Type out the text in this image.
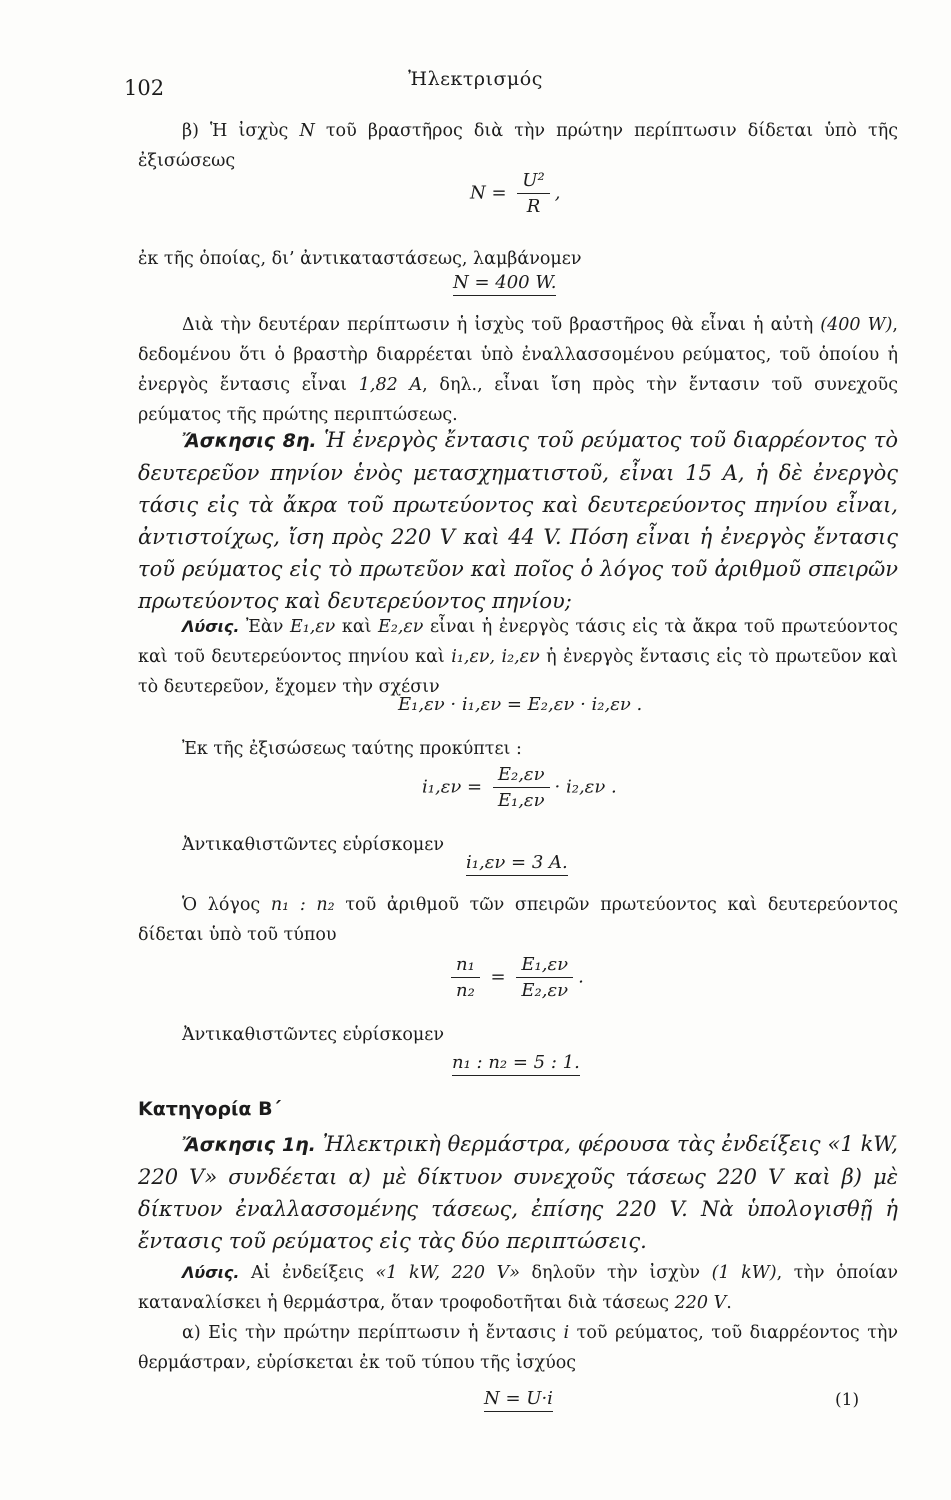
102	Ἠλεκτρισμός
β) Ἡ ἰσχὺς N τοῦ βραστῆρος διὰ τὴν πρώτην περίπτωσιν δίδεται ὑπὸ τῆς ἐξισώσεως
$N = \frac{\text{U²}}{R}$ ,
ἐκ τῆς ὁποίας, δι’ ἀντικαταστάσεως, λαμβάνομεν
N = 400 W.
Διὰ τὴν δευτέραν περίπτωσιν ἡ ἰσχὺς τοῦ βραστῆρος θὰ εἶναι ἡ αὐτὴ (400 W), δεδομένου ὅτι ὁ βραστὴρ διαρρέεται ὑπὸ ἐναλλασσομένου ρεύματος, τοῦ ὁποίου ἡ ἐνεργὸς ἔντασις εἶναι 1,82 A, δηλ., εἶναι ἴση πρὸς τὴν ἔντασιν τοῦ συνεχοῦς ρεύματος τῆς πρώτης περιπτώσεως.
Ἄσκησις 8η. Ἡ ἐνεργὸς ἔντασις τοῦ ρεύματος τοῦ διαρρέοντος τὸ δευτερεῦον πηνίον ἑνὸς μετασχηματιστοῦ, εἶναι 15 A, ἡ δὲ ἐνεργὸς τάσις εἰς τὰ ἄκρα τοῦ πρωτεύοντος καὶ δευτερεύοντος πηνίου εἶναι, ἀντιστοίχως, ἴση πρὸς 220 V καὶ 44 V. Πόση εἶναι ἡ ἐνεργὸς ἔντασις τοῦ ρεύματος εἰς τὸ πρωτεῦον καὶ ποῖος ὁ λόγος τοῦ ἀριθμοῦ σπειρῶν πρωτεύοντος καὶ δευτερεύοντος πηνίου;
Λύσις. Ἐὰν E₁,εν καὶ E₂,εν εἶναι ἡ ἐνεργὸς τάσις εἰς τὰ ἄκρα τοῦ πρωτεύοντος καὶ τοῦ δευτερεύοντος πηνίου καὶ i₁,εν, i₂,εν ἡ ἐνεργὸς ἔντασις εἰς τὸ πρωτεῦον καὶ τὸ δευτερεῦον, ἔχομεν τὴν σχέσιν
E₁,εν · i₁,εν = E₂,εν · i₂,εν .
Ἐκ τῆς ἐξισώσεως ταύτης προκύπτει :
$i_1,\varepsilon\nu = \frac{\text{E₂,εν}}{\text{E₁,εν}} \cdot i_2,\varepsilon\nu$ .
Ἀντικαθιστῶντες εὑρίσκομεν
i₁,εν = 3 A.
Ὁ λόγος n₁ : n₂ τοῦ ἀριθμοῦ τῶν σπειρῶν πρωτεύοντος καὶ δευτερεύοντος δίδεται ὑπὸ τοῦ τύπου
$\frac{\text{n₁}}{\text{n₂}} = \frac{\text{E₁,εν}}{\text{E₂,εν}}$ .
Ἀντικαθιστῶντες εὑρίσκομεν
n₁ : n₂ = 5 : 1.
Κατηγορία Β΄
Ἄσκησις 1η. Ἠλεκτρικὴ θερμάστρα, φέρουσα τὰς ἐνδείξεις «1 kW, 220 V» συνδέεται α) μὲ δίκτυον συνεχοῦς τάσεως 220 V καὶ β) μὲ δίκτυον ἐναλλασσομένης τάσεως, ἐπίσης 220 V. Νὰ ὑπολογισθῇ ἡ ἔντασις τοῦ ρεύματος εἰς τὰς δύο περιπτώσεις.
Λύσις. Αἱ ἐνδείξεις «1 kW, 220 V» δηλοῦν τὴν ἰσχὺν (1 kW), τὴν ὁποίαν καταναλίσκει ἡ θερμάστρα, ὅταν τροφοδοτῆται διὰ τάσεως 220 V.
α) Εἰς τὴν πρώτην περίπτωσιν ἡ ἔντασις i τοῦ ρεύματος, τοῦ διαρρέοντος τὴν θερμάστραν, εὑρίσκεται ἐκ τοῦ τύπου τῆς ἰσχύος
N = U·i	(1)
